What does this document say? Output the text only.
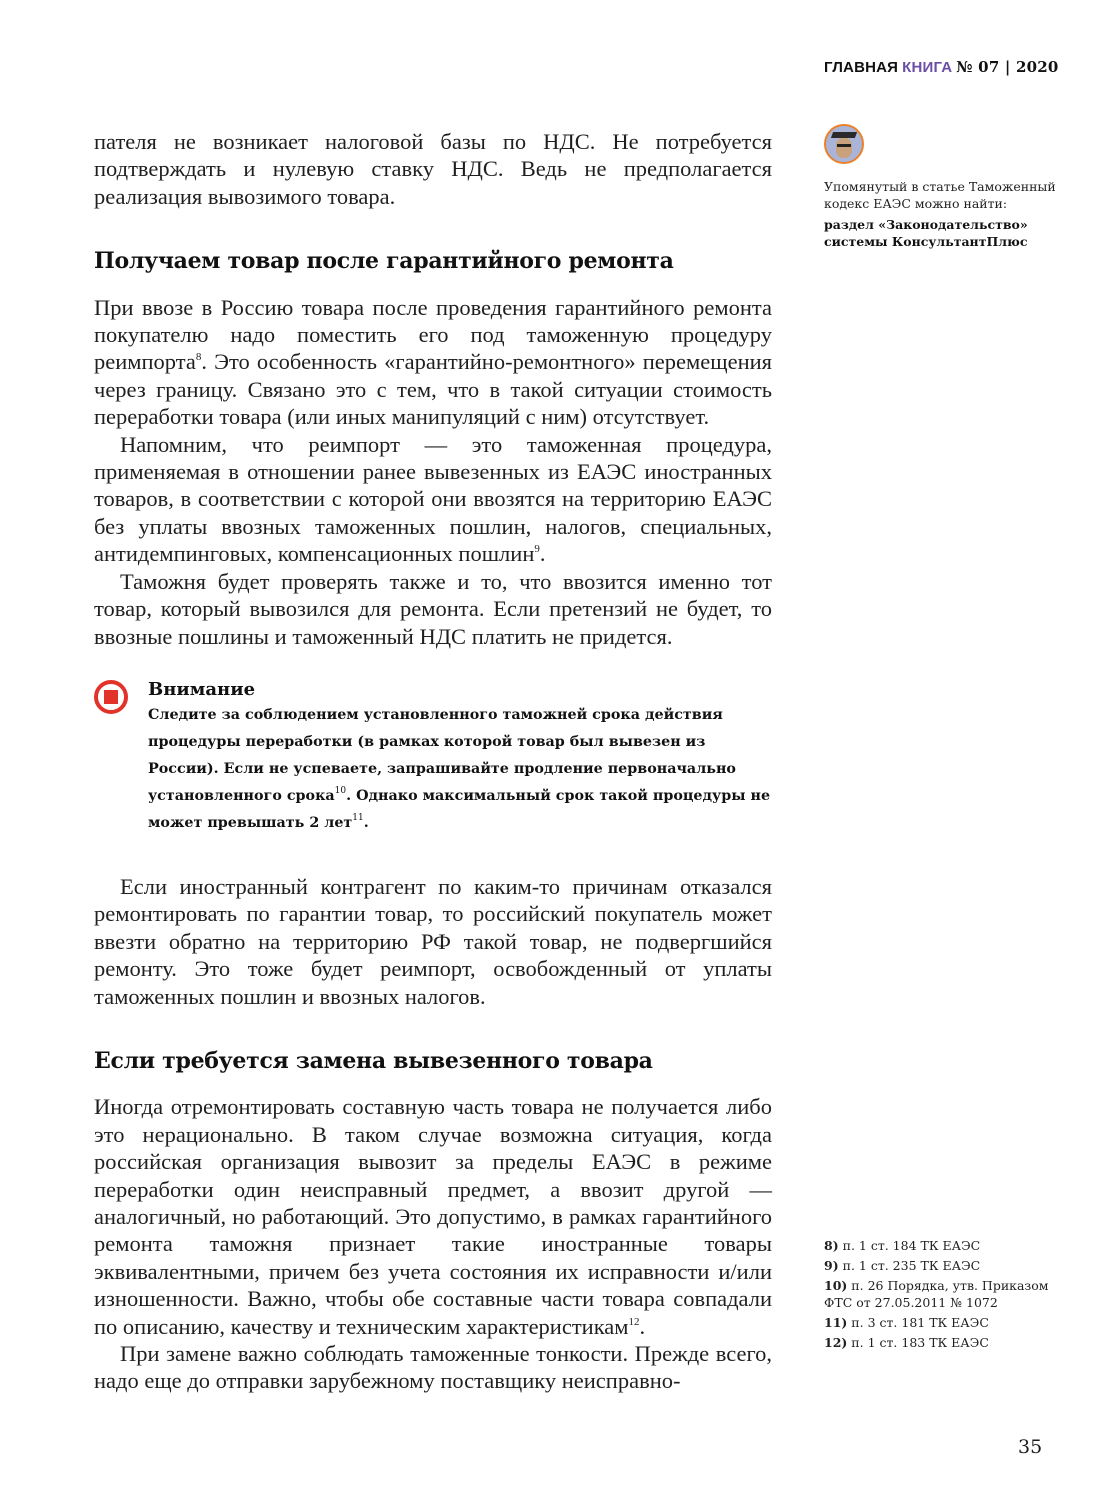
ГЛАВНАЯ КНИГА № 07 | 2020
Упомянутый в статье Таможенный кодекс ЕАЭС можно найти:
раздел «Законодательство» системы КонсультантПлюс

пателя не возникает налоговой базы по НДС. Не потребуется подтверждать и нулевую ставку НДС. Ведь не предполагается реализация вывозимого товара.

Получаем товар после гарантийного ремонта

При ввозе в Россию товара после проведения гарантийного ремонта покупателю надо поместить его под таможенную процедуру реимпорта$^8$. Это особенность «гарантийно-ремонтного» перемещения через границу. Связано это с тем, что в такой ситуации стоимость переработки товара (или иных манипуляций с ним) отсутствует.

Напомним, что реимпорт — это таможенная процедура, применяемая в отношении ранее вывезенных из ЕАЭС иностранных товаров, в соответствии с которой они ввозятся на территорию ЕАЭС без уплаты ввозных таможенных пошлин, налогов, специальных, антидемпинговых, компенсационных пошлин$^9$.

Таможня будет проверять также и то, что ввозится именно тот товар, который вывозился для ремонта. Если претензий не будет, то ввозные пошлины и таможенный НДС платить не придется.

Внимание
Следите за соблюдением установленного таможней срока действия процедуры переработки (в рамках которой товар был вывезен из России). Если не успеваете, запрашивайте продление первоначально установленного срока$^{10}$. Однако максимальный срок такой процедуры не может превышать 2 лет$^{11}$.

Если иностранный контрагент по каким-то причинам отказался ремонтировать по гарантии товар, то российский покупатель может ввезти обратно на территорию РФ такой товар, не подвергшийся ремонту. Это тоже будет реимпорт, освобожденный от уплаты таможенных пошлин и ввозных налогов.

Если требуется замена вывезенного товара

Иногда отремонтировать составную часть товара не получается либо это нерационально. В таком случае возможна ситуация, когда российская организация вывозит за пределы ЕАЭС в режиме переработки один неисправный предмет, а ввозит другой — аналогичный, но работающий. Это допустимо, в рамках гарантийного ремонта таможня признает такие иностранные товары эквивалентными, причем без учета состояния их исправности и/или изношенности. Важно, чтобы обе составные части товара совпадали по описанию, качеству и техническим характеристикам$^{12}$.

При замене важно соблюдать таможенные тонкости. Прежде всего, надо еще до отправки зарубежному поставщику неисправно-

8) п. 1 ст. 184 ТК ЕАЭС
9) п. 1 ст. 235 ТК ЕАЭС
10) п. 26 Порядка, утв. Приказом ФТС от 27.05.2011 № 1072
11) п. 3 ст. 181 ТК ЕАЭС
12) п. 1 ст. 183 ТК ЕАЭС
35
